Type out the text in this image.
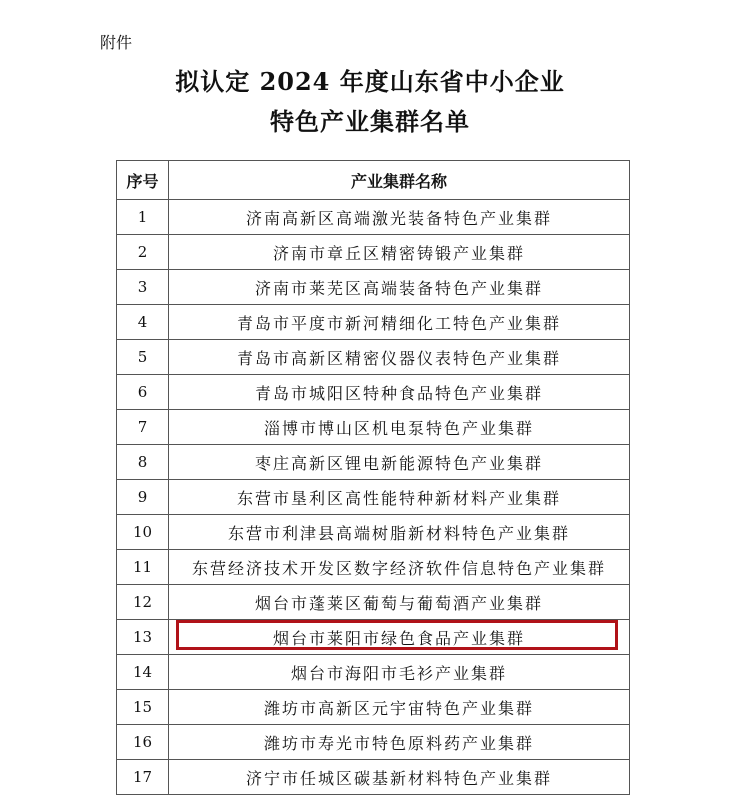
附件
拟认定 2024 年度山东省中小企业
特色产业集群名单
序号	产业集群名称
1	济南高新区高端激光装备特色产业集群
2	济南市章丘区精密铸锻产业集群
3	济南市莱芜区高端装备特色产业集群
4	青岛市平度市新河精细化工特色产业集群
5	青岛市高新区精密仪器仪表特色产业集群
6	青岛市城阳区特种食品特色产业集群
7	淄博市博山区机电泵特色产业集群
8	枣庄高新区锂电新能源特色产业集群
9	东营市垦利区高性能特种新材料产业集群
10	东营市利津县高端树脂新材料特色产业集群
11	东营经济技术开发区数字经济软件信息特色产业集群
12	烟台市蓬莱区葡萄与葡萄酒产业集群
13	烟台市莱阳市绿色食品产业集群
14	烟台市海阳市毛衫产业集群
15	潍坊市高新区元宇宙特色产业集群
16	潍坊市寿光市特色原料药产业集群
17	济宁市任城区碳基新材料特色产业集群
